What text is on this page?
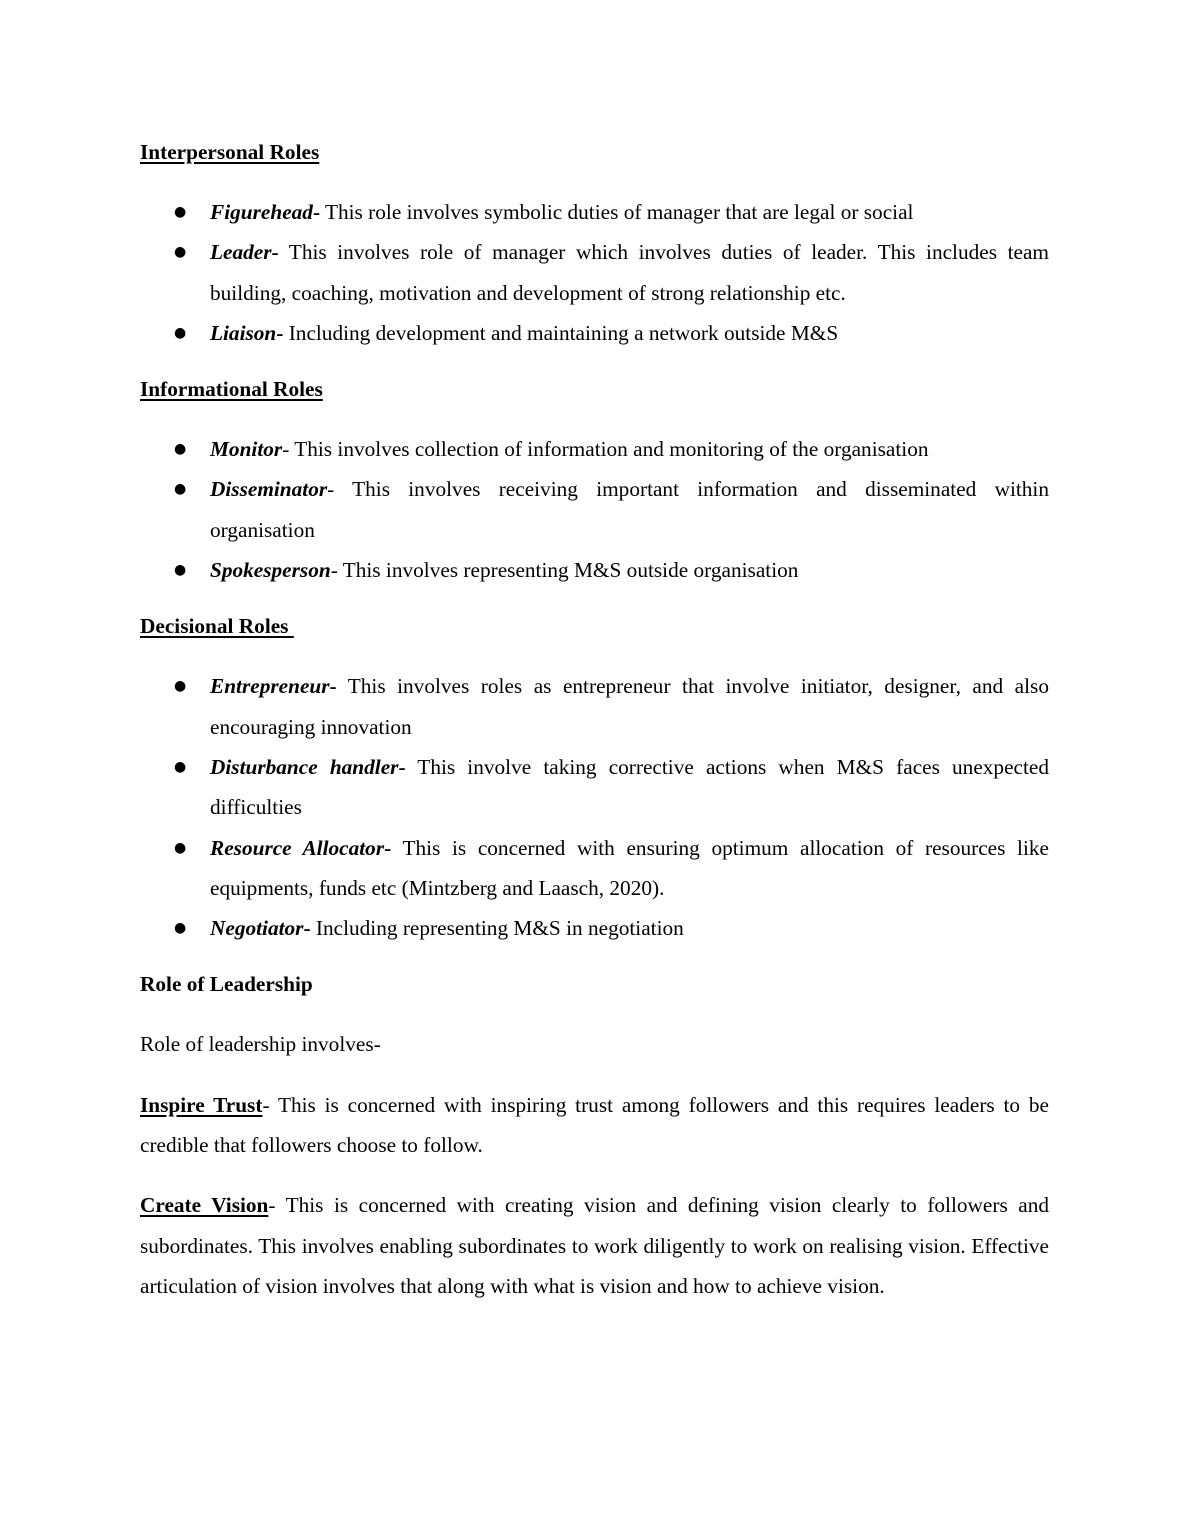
Interpersonal Roles
● Figurehead- This role involves symbolic duties of manager that are legal or social
● Leader- This involves role of manager which involves duties of leader. This includes team building, coaching, motivation and development of strong relationship etc.
● Liaison- Including development and maintaining a network outside M&S
Informational Roles
● Monitor- This involves collection of information and monitoring of the organisation
● Disseminator- This involves receiving important information and disseminated within organisation
● Spokesperson- This involves representing M&S outside organisation
Decisional Roles
● Entrepreneur- This involves roles as entrepreneur that involve initiator, designer, and also encouraging innovation
● Disturbance handler- This involve taking corrective actions when M&S faces unexpected difficulties
● Resource Allocator- This is concerned with ensuring optimum allocation of resources like equipments, funds etc (Mintzberg and Laasch, 2020).
● Negotiator- Including representing M&S in negotiation
Role of Leadership
Role of leadership involves-
Inspire Trust- This is concerned with inspiring trust among followers and this requires leaders to be credible that followers choose to follow.
Create Vision- This is concerned with creating vision and defining vision clearly to followers and subordinates. This involves enabling subordinates to work diligently to work on realising vision. Effective articulation of vision involves that along with what is vision and how to achieve vision.
